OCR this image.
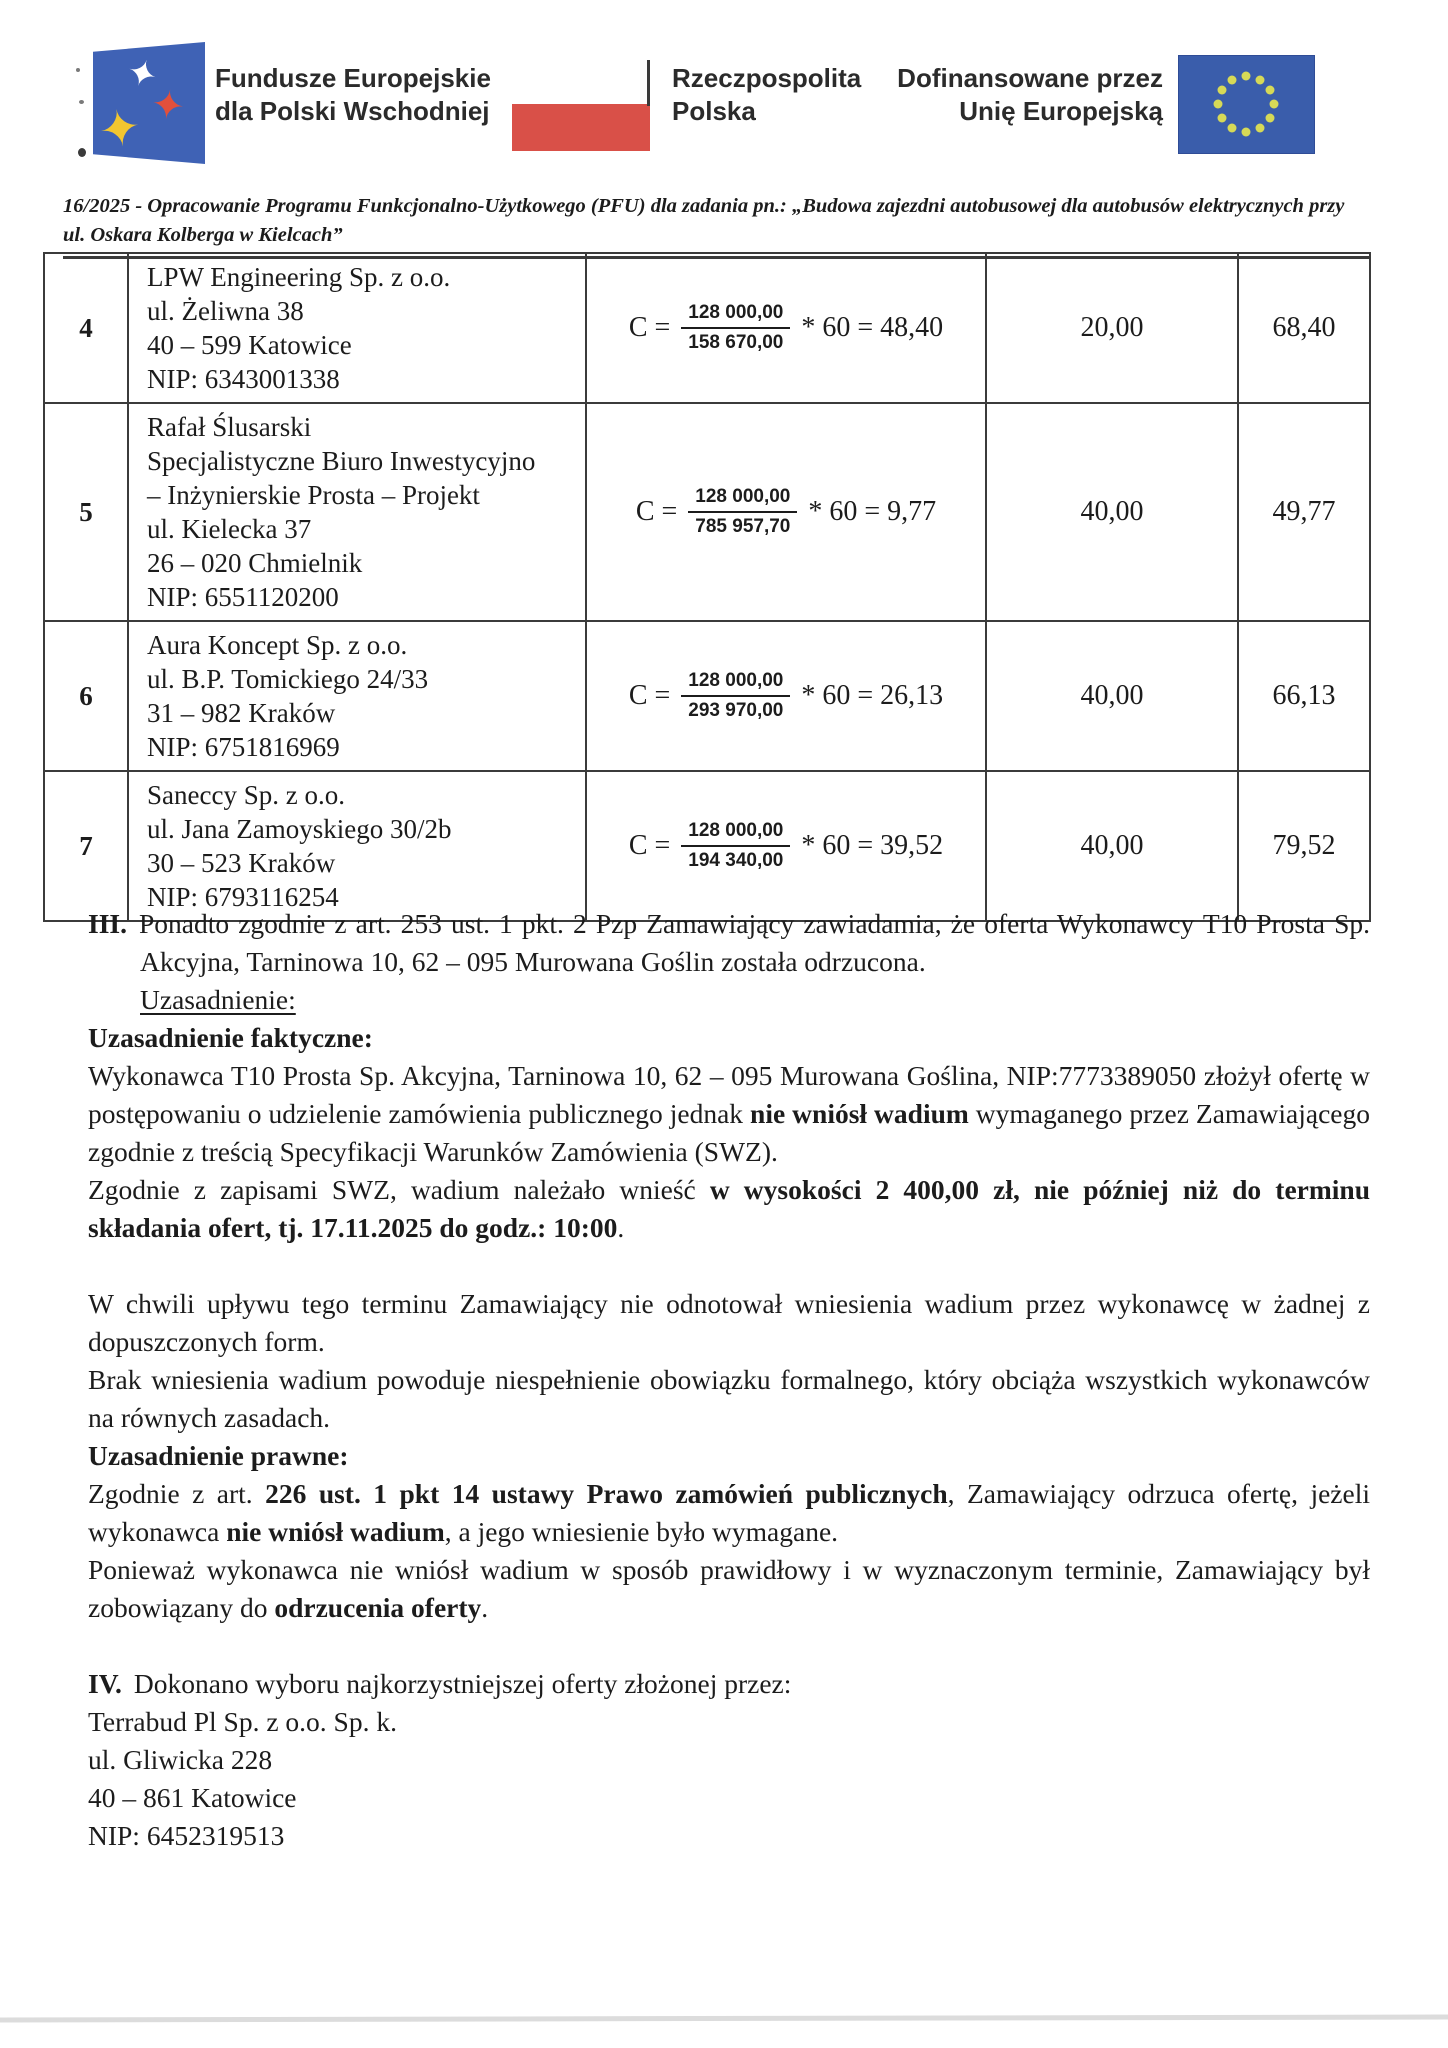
✦
✦
✦
Fundusze Europejskie
dla Polski Wschodniej
Rzeczpospolita
Polska
Dofinansowane przez
Unię Europejską
16/2025 - Opracowanie Programu Funkcjonalno-Użytkowego (PFU) dla zadania pn.: „Budowa zajezdni autobusowej dla autobusów elektrycznych przy
ul. Oskara Kolberga w Kielcach”
4	
LPW Engineering Sp. z o.o.
ul. Żeliwna 38
40 – 599 Katowice
NIP: 6343001338

$C = \frac{128 000,00}{158 670,00} * 60 = 48,40$	20,00	68,40
5	
Rafał Ślusarski
Specjalistyczne Biuro Inwestycyjno
– Inżynierskie Prosta – Projekt
ul. Kielecka 37
26 – 020 Chmielnik
NIP: 6551120200

$C = \frac{128 000,00}{785 957,70} * 60 = 9,77$	40,00	49,77
6	
Aura Koncept Sp. z o.o.
ul. B.P. Tomickiego 24/33
31 – 982 Kraków
NIP: 6751816969

$C = \frac{128 000,00}{293 970,00} * 60 = 26,13$	40,00	66,13
7	
Saneccy Sp. z o.o.
ul. Jana Zamoyskiego 30/2b
30 – 523 Kraków
NIP: 6793116254

$C = \frac{128 000,00}{194 340,00} * 60 = 39,52$	40,00	79,52
III. Ponadto zgodnie z art. 253 ust. 1 pkt. 2 Pzp Zamawiający zawiadamia, że oferta Wykonawcy T10 Prosta Sp. Akcyjna, Tarninowa 10, 62 – 095 Murowana Goślin została odrzucona.
Uzasadnienie:
Uzasadnienie faktyczne:
Wykonawca T10 Prosta Sp. Akcyjna, Tarninowa 10, 62 – 095 Murowana Goślina, NIP:7773389050 złożył ofertę w postępowaniu o udzielenie zamówienia publicznego jednak nie wniósł wadium wymaganego przez Zamawiającego zgodnie z treścią Specyfikacji Warunków Zamówienia (SWZ).
Zgodnie z zapisami SWZ, wadium należało wnieść w wysokości 2 400,00 zł, nie później niż do terminu składania ofert, tj. 17.11.2025 do godz.: 10:00.
W chwili upływu tego terminu Zamawiający nie odnotował wniesienia wadium przez wykonawcę w żadnej z dopuszczonych form.
Brak wniesienia wadium powoduje niespełnienie obowiązku formalnego, który obciąża wszystkich wykonawców na równych zasadach.
Uzasadnienie prawne:
Zgodnie z art. 226 ust. 1 pkt 14 ustawy Prawo zamówień publicznych, Zamawiający odrzuca ofertę, jeżeli wykonawca nie wniósł wadium, a jego wniesienie było wymagane.
Ponieważ wykonawca nie wniósł wadium w sposób prawidłowy i w wyznaczonym terminie, Zamawiający był zobowiązany do odrzucenia oferty.
IV. Dokonano wyboru najkorzystniejszej oferty złożonej przez:
Terrabud Pl Sp. z o.o. Sp. k.
ul. Gliwicka 228
40 – 861 Katowice
NIP: 6452319513
